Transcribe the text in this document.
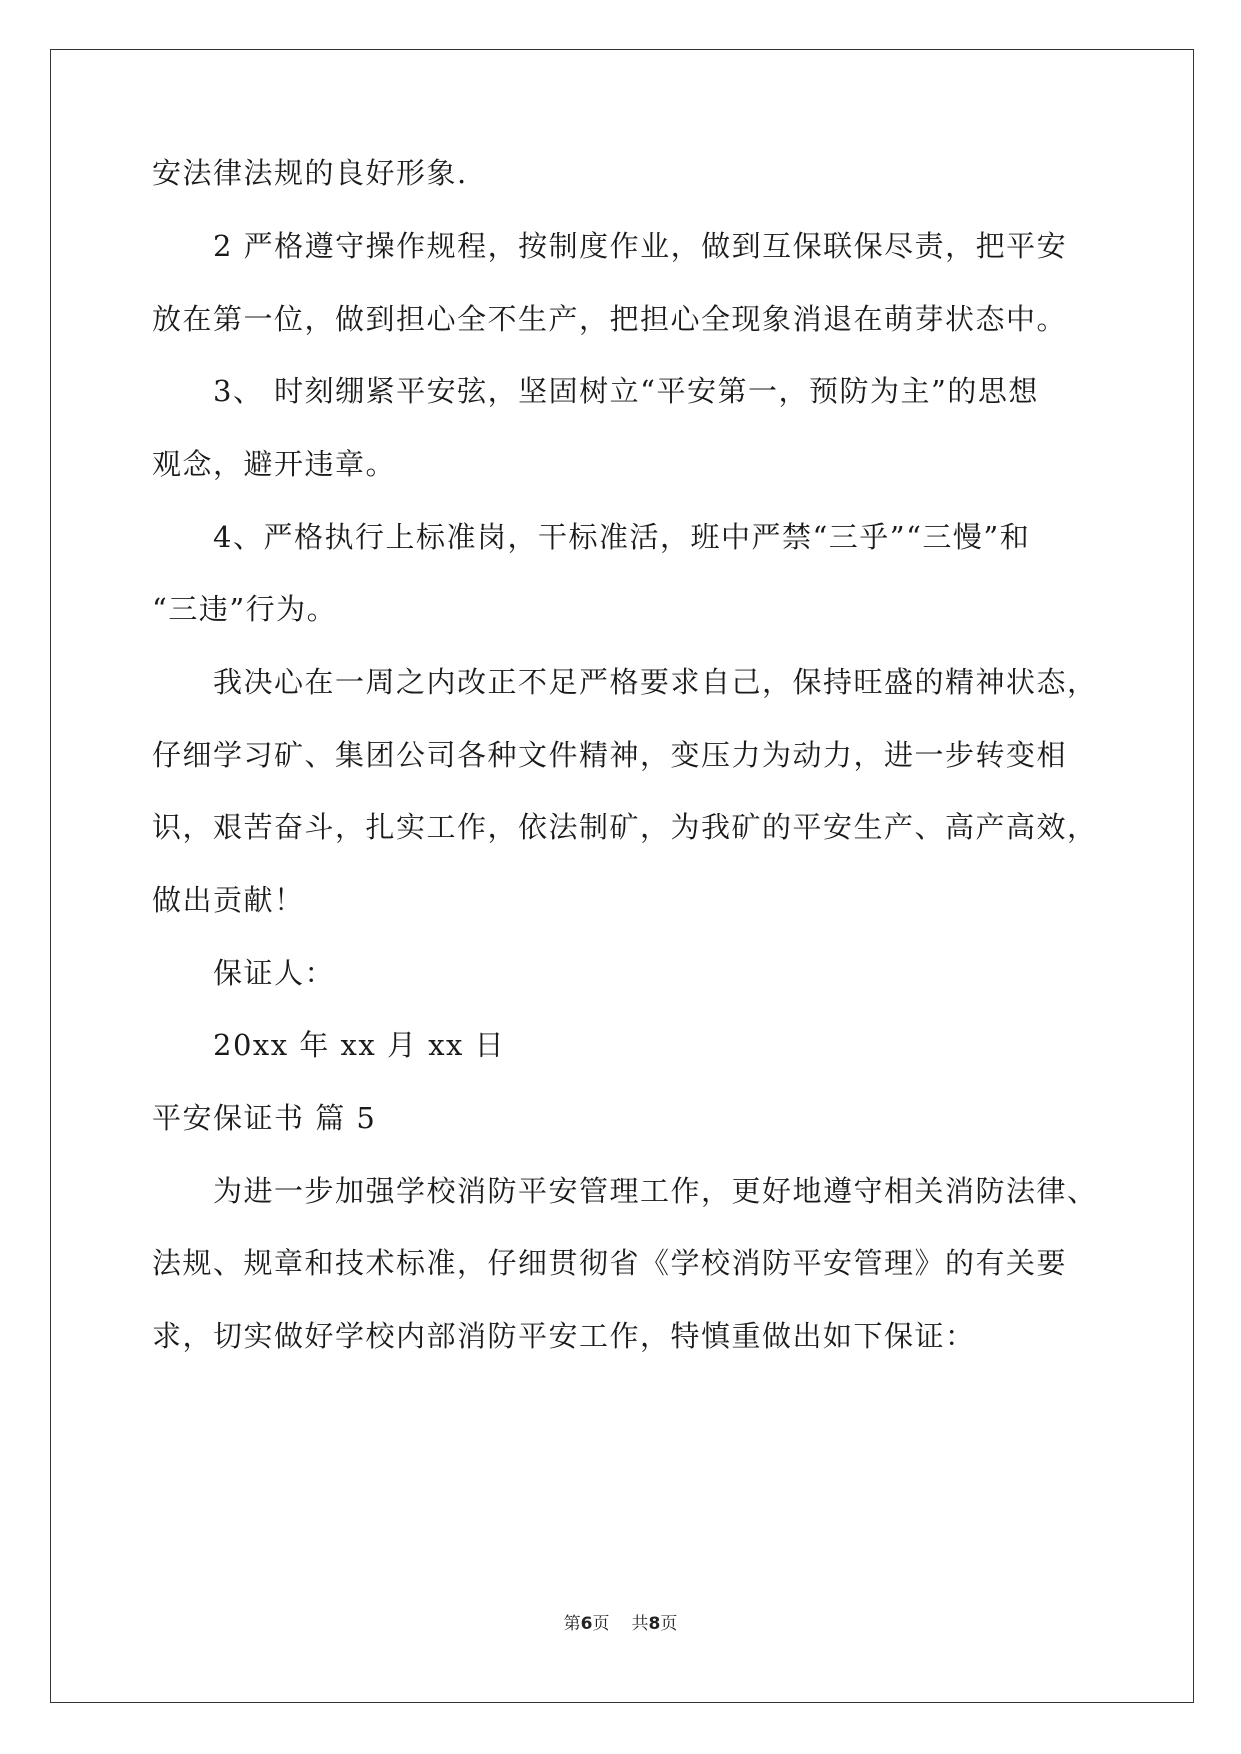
安法律法规的良好形象.
2 严格遵守操作规程，按制度作业，做到互保联保尽责，把平安
放在第一位，做到担心全不生产，把担心全现象消退在萌芽状态中。
3、 时刻绷紧平安弦，坚固树立“平安第一，预防为主”的思想
观念，避开违章。
4、严格执行上标准岗，干标准活，班中严禁“三乎”“三慢”和
“三违”行为。
我决心在一周之内改正不足严格要求自己，保持旺盛的精神状态，
仔细学习矿、集团公司各种文件精神，变压力为动力，进一步转变相
识，艰苦奋斗，扎实工作，依法制矿，为我矿的平安生产、高产高效，
做出贡献！
保证人：
20xx 年 xx 月 xx 日
平安保证书 篇 5
为进一步加强学校消防平安管理工作，更好地遵守相关消防法律、
法规、规章和技术标准，仔细贯彻省《学校消防平安管理》的有关要
求，切实做好学校内部消防平安工作，特慎重做出如下保证：
第6页 共8页
